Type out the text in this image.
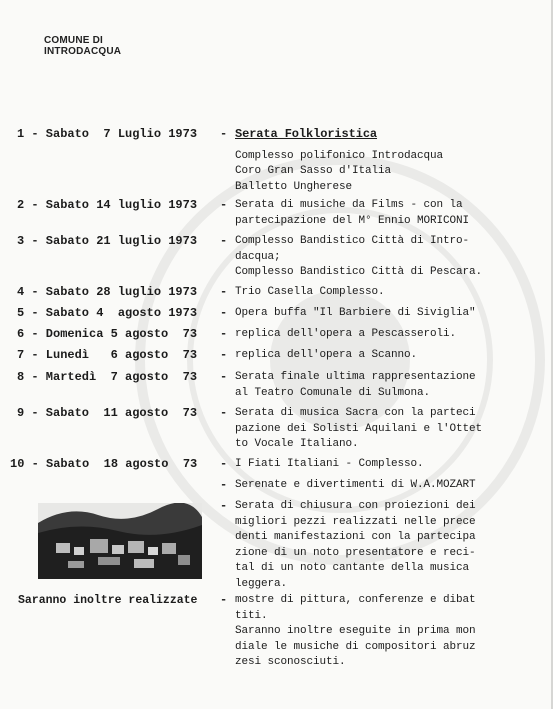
COMUNE DI
INTRODACQUA
1 - Sabato  7 Luglio 1973 - Serata Folkloristica
Complesso polifonico Introdacqua
Coro Gran Sasso d'Italia
Balletto Ungherese
2 - Sabato 14 luglio 1973 - Serata di musiche da Films - con la
partecipazione del M° Ennio MORICONI
3 - Sabato 21 luglio 1973 - Complesso Bandistico Città di Intro-
dacqua;
Complesso Bandistico Città di Pescara.
4 - Sabato 28 luglio 1973 - Trio Casella Complesso.
5 - Sabato 4  agosto 1973 - Opera buffa "Il Barbiere di Siviglia"
6 - Domenica 5 agosto  73 - replica dell'opera a Pescasseroli.
7 - Lunedì   6 agosto  73 - replica dell'opera a Scanno.
8 - Martedì  7 agosto  73 - Serata finale ultima rappresentazione
al Teatro Comunale di Sulmona.
9 - Sabato  11 agosto  73 - Serata di musica Sacra con la parteci
pazione dei Solisti Aquilani e l'Ottet
to Vocale Italiano.
10 - Sabato  18 agosto  73 - I Fiati Italiani - Complesso.
- Serenate e divertimenti di W.A.MOZART
- Serata di chiusura con proiezioni dei
migliori pezzi realizzati nelle prece
denti manifestazioni con la partecipa
zione di un noto presentatore e reci-
tal di un noto cantante della musica
leggera.
Saranno inoltre realizzate - mostre di pittura, conferenze e dibat
titi.
Saranno inoltre eseguite in prima mon
diale le musiche di compositori abruz
zesi sconosciuti.
